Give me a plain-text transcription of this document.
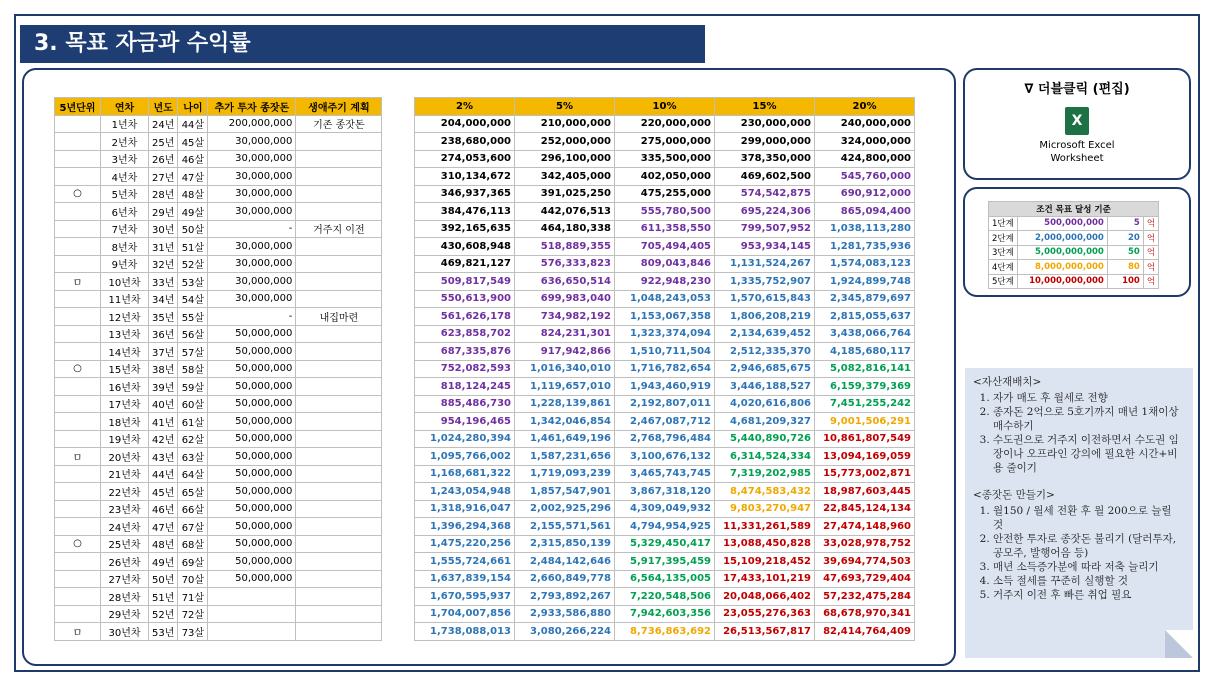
3. 목표 자금과 수익률
5년단위	연차	년도	나이	추가 투자 종잣돈	생애주기 계획
	1년차	24년	44살	200,000,000	기존 종잣돈
	2년차	25년	45살	30,000,000	
	3년차	26년	46살	30,000,000	
	4년차	27년	47살	30,000,000	
○	5년차	28년	48살	30,000,000	
	6년차	29년	49살	30,000,000	
	7년차	30년	50살	-	거주지 이전
	8년차	31년	51살	30,000,000	
	9년차	32년	52살	30,000,000	
ㅁ	10년차	33년	53살	30,000,000	
	11년차	34년	54살	30,000,000	
	12년차	35년	55살	-	내집마련
	13년차	36년	56살	50,000,000	
	14년차	37년	57살	50,000,000	
○	15년차	38년	58살	50,000,000	
	16년차	39년	59살	50,000,000	
	17년차	40년	60살	50,000,000	
	18년차	41년	61살	50,000,000	
	19년차	42년	62살	50,000,000	
ㅁ	20년차	43년	63살	50,000,000	
	21년차	44년	64살	50,000,000	
	22년차	45년	65살	50,000,000	
	23년차	46년	66살	50,000,000	
	24년차	47년	67살	50,000,000	
○	25년차	48년	68살	50,000,000	
	26년차	49년	69살	50,000,000	
	27년차	50년	70살	50,000,000	
	28년차	51년	71살		
	29년차	52년	72살		
ㅁ	30년차	53년	73살		
2%	5%	10%	15%	20%
204,000,000	210,000,000	220,000,000	230,000,000	240,000,000
238,680,000	252,000,000	275,000,000	299,000,000	324,000,000
274,053,600	296,100,000	335,500,000	378,350,000	424,800,000
310,134,672	342,405,000	402,050,000	469,602,500	545,760,000
346,937,365	391,025,250	475,255,000	574,542,875	690,912,000
384,476,113	442,076,513	555,780,500	695,224,306	865,094,400
392,165,635	464,180,338	611,358,550	799,507,952	1,038,113,280
430,608,948	518,889,355	705,494,405	953,934,145	1,281,735,936
469,821,127	576,333,823	809,043,846	1,131,524,267	1,574,083,123
509,817,549	636,650,514	922,948,230	1,335,752,907	1,924,899,748
550,613,900	699,983,040	1,048,243,053	1,570,615,843	2,345,879,697
561,626,178	734,982,192	1,153,067,358	1,806,208,219	2,815,055,637
623,858,702	824,231,301	1,323,374,094	2,134,639,452	3,438,066,764
687,335,876	917,942,866	1,510,711,504	2,512,335,370	4,185,680,117
752,082,593	1,016,340,010	1,716,782,654	2,946,685,675	5,082,816,141
818,124,245	1,119,657,010	1,943,460,919	3,446,188,527	6,159,379,369
885,486,730	1,228,139,861	2,192,807,011	4,020,616,806	7,451,255,242
954,196,465	1,342,046,854	2,467,087,712	4,681,209,327	9,001,506,291
1,024,280,394	1,461,649,196	2,768,796,484	5,440,890,726	10,861,807,549
1,095,766,002	1,587,231,656	3,100,676,132	6,314,524,334	13,094,169,059
1,168,681,322	1,719,093,239	3,465,743,745	7,319,202,985	15,773,002,871
1,243,054,948	1,857,547,901	3,867,318,120	8,474,583,432	18,987,603,445
1,318,916,047	2,002,925,296	4,309,049,932	9,803,270,947	22,845,124,134
1,396,294,368	2,155,571,561	4,794,954,925	11,331,261,589	27,474,148,960
1,475,220,256	2,315,850,139	5,329,450,417	13,088,450,828	33,028,978,752
1,555,724,661	2,484,142,646	5,917,395,459	15,109,218,452	39,694,774,503
1,637,839,154	2,660,849,778	6,564,135,005	17,433,101,219	47,693,729,404
1,670,595,937	2,793,892,267	7,220,548,506	20,048,066,402	57,232,475,284
1,704,007,856	2,933,586,880	7,942,603,356	23,055,276,363	68,678,970,341
1,738,088,013	3,080,266,224	8,736,863,692	26,513,567,817	82,414,764,409
∇ 더블클릭 (편집)
X
Microsoft Excel
Worksheet
조건 목표 달성 기준			
1단계	500,000,000	5	억
2단계	2,000,000,000	20	억
3단계	5,000,000,000	50	억
4단계	8,000,000,000	80	억
5단계	10,000,000,000	100	억
<자산재배치>
1. 자가 매도 후 월세로 전향
2. 종자돈 2억으로 5호기까지 매년 1채이상 매수하기
3. 수도권으로 거주지 이전하면서 수도권 임장이나 오프라인 강의에 필요한 시간+비용 줄이기
<종잣돈 만들기>
1. 월150 / 월세 전환 후 월 200으로 늘릴 것
2. 안전한 투자로 종잣돈 불리기 (달러투자, 공모주, 발행어음 등)
3. 매년 소득증가분에 따라 저축 늘리기
4. 소득 절세를 꾸준히 실행할 것
5. 거주지 이전 후 빠른 취업 필요
